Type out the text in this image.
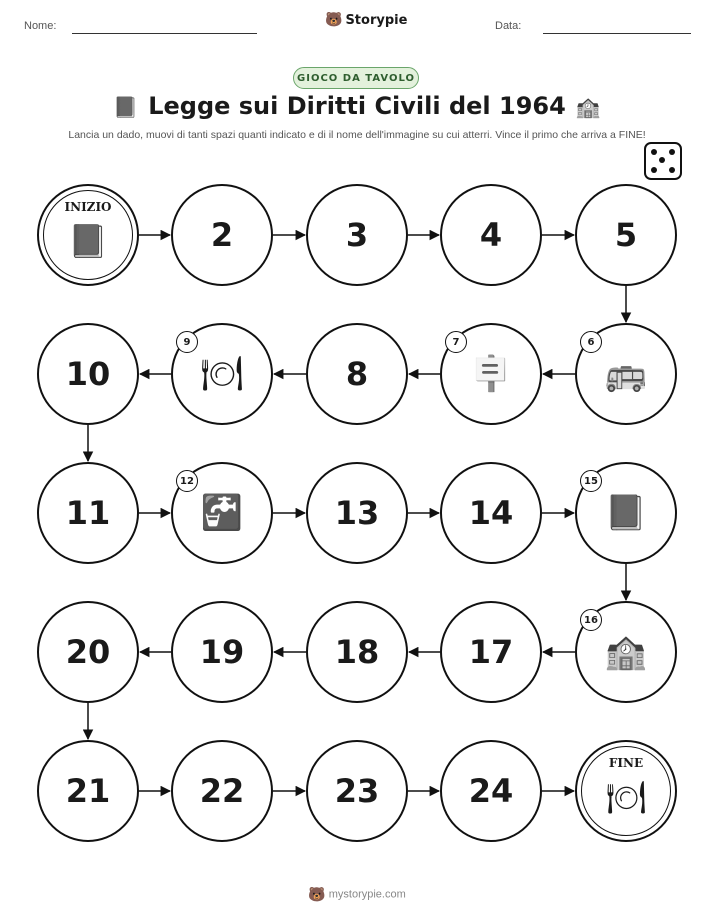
Nome:	🐻 Storypie	Data:
GIOCO DA TAVOLO
📕 Legge sui Diritti Civili del 1964 🏫
Lancia un dado, muovi di tanti spazi quanti indicato e di il nome dell'immagine su cui atterri. Vince il primo che arriva a FINE!
INIZIO
📕	2	3	4	5
6
🚌
7
🪧
8
9
🍽
10
11
12
🚰	13	14
15
📕
16
🏫
17
18
19
20
21	22	23	24
FINE
🍽
🐻 mystorypie.com
